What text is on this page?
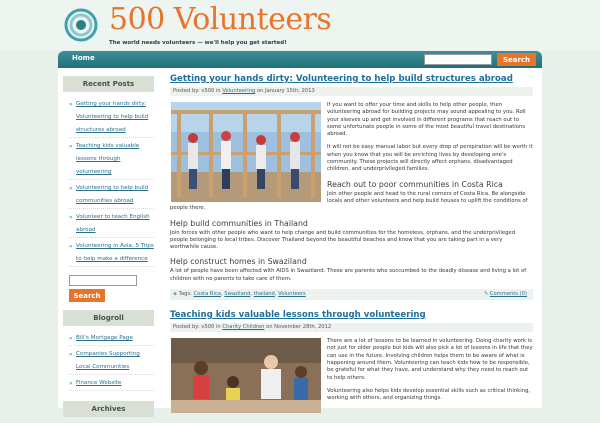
500 Volunteers
The world needs volunteers — we'll help you get started!
Home	Search
Recent Posts
» Getting your hands dirty: Volunteering to help build structures abroad
» Teaching kids valuable lessons through volunteering
» Volunteering to help build communities abroad
» Volunteer to teach English abroad
» Volunteering in Asia: 5 Trips to help make a difference
Search
Blogroll
» Bill's Mortgage Page
» Companies Supporting Local Communities
» Finance Website
Archives
Getting your hands dirty: Volunteering to help build structures abroad
Posted by: v500 in Volunteering on January 15th, 2013

If you want to offer your time and skills to help other people, then volunteering abroad for building projects may sound appealing to you. Roll your sleeves up and get involved in different programs that reach out to some unfortunate people in some of the most beautiful travel destinations abroad.

It will not be easy manual labor but every drop of perspiration will be worth it when you know that you will be enriching lives by developing one's community. These projects will directly affect orphans, disadvantaged children, and underprivileged families.

Reach out to poor communities in Costa Rica

Join other people and head to the rural corners of Costa Rica. Be alongside locals and other volunteers and help build houses to uplift the conditions of people there.

Help build communities in Thailand

Join forces with other people who want to help change and build communities for the homeless, orphans, and the underprivileged people belonging to local tribes. Discover Thailand beyond the beautiful beaches and know that you are taking part in a very worthwhile cause.

Help construct homes in Swaziland

A lot of people have been affected with AIDS in Swaziland. These are parents who succumbed to the deadly disease and living a lot of children with no parents to take care of them.

◈ Tags: Costa Rica, Swaziland, thailand, Volunteers	✎ Comments (0)
Teaching kids valuable lessons through volunteering
Posted by: v500 in Charity Children on November 28th, 2012

There are a lot of lessons to be learned in volunteering. Doing charity work is not just for older people but kids will also pick a lot of lessons in life that they can use in the future. Involving children helps them to be aware of what is happening around them. Volunteering can teach kids how to be responsible, be grateful for what they have, and understand why they need to reach out to help others.

Volunteering also helps kids develop essential skills such as critical thinking, working with others, and organizing things.
